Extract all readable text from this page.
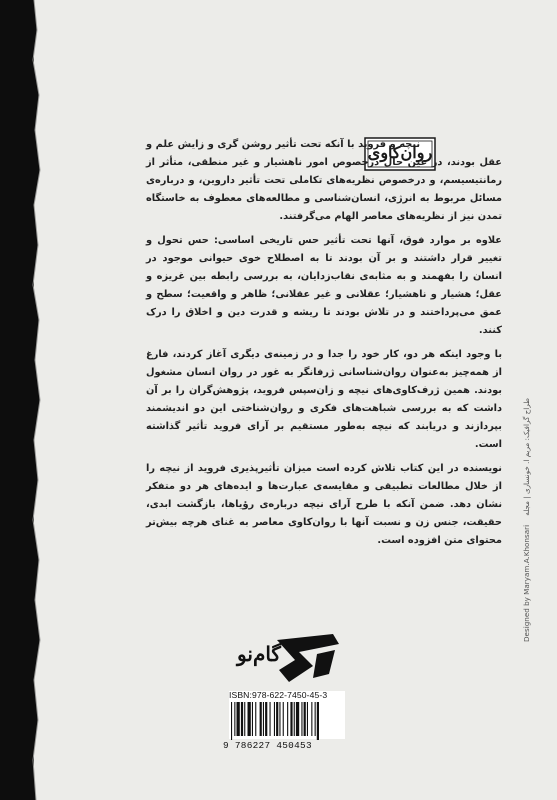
روان‌کاوی

نیچه و فروید با آنکه تحت تأثیر روشن گری و زایش علم و عقل بودند، در عین حال درخصوص امور ناهشیار و غیر منطقی، متأثر از رمانتیسیسم، و درخصوص نظریه‌های تکاملی تحت تأثیر داروین، و درباره‌ی مسائل مربوط به انرژی، انسان‌شناسی و مطالعه‌های معطوف به خاستگاه تمدن نیز از نظریه‌های معاصر الهام می‌گرفتند.

علاوه بر موارد فوق، آنها تحت تأثیر حس تاریخی اساسی: حس تحول و تغییر قرار داشتند و بر آن بودند تا به اصطلاح خوی حیوانی موجود در انسان را بفهمند و به مثابه‌ی نقاب‌زدایان، به بررسی رابطه بین غریزه و عقل؛ هشیار و ناهشیار؛ عقلانی و غیر عقلانی؛ ظاهر و واقعیت؛ سطح و عمق می‌پرداختند و در تلاش بودند تا ریشه و قدرت دین و اخلاق را درک کنند.

با وجود اینکه هر دو، کار خود را جدا و در زمینه‌ی دیگری آغاز کردند، فارغ از همه‌چیز به‌عنوان روان‌شناسانی ژرفانگر به غور در روان انسان مشغول بودند. همین ژرف‌کاوی‌های نیچه و زان‌سپس فروید، پژوهش‌گران را بر آن داشت که به بررسی شباهت‌های فکری و روان‌شناختی این دو اندیشمند بپردازند و دریابند که نیچه به‌طور مستقیم بر آرای فروید تأثیر گذاشته است.

نویسنده در این کتاب تلاش کرده است میزان تأثیرپذیری فروید از نیچه را از خلال مطالعات تطبیقی و مقایسه‌ی عبارت‌ها و ایده‌های هر دو متفکر نشان دهد. ضمن آنکه با طرح آرای نیچه درباره‌ی رؤیاها، بازگشت ابدی، حقیقت، جنس زن و نسبت آنها با روان‌کاوی معاصر به غنای هرچه بیش‌تر محتوای متن افزوده است.	Designed by Maryam.A.Khonsari    طراح گرافیک: مریم ا. خونساری | مجله
گام‌نو
ISBN:978-622-7450-45-3
9 786227 450453
